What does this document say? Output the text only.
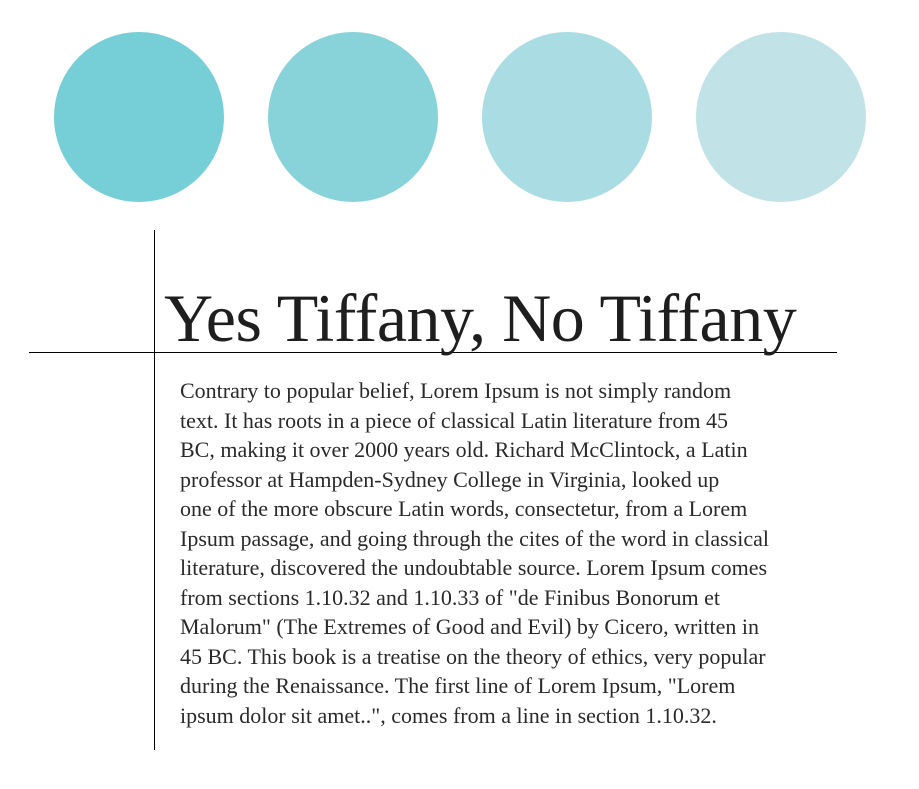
Yes Tiffany, No Tiffany
Contrary to popular belief, Lorem Ipsum is not simply random
text. It has roots in a piece of classical Latin literature from 45
BC, making it over 2000 years old. Richard McClintock, a Latin
professor at Hampden-Sydney College in Virginia, looked up
one of the more obscure Latin words, consectetur, from a Lorem
Ipsum passage, and going through the cites of the word in classical
literature, discovered the undoubtable source. Lorem Ipsum comes
from sections 1.10.32 and 1.10.33 of "de Finibus Bonorum et
Malorum" (The Extremes of Good and Evil) by Cicero, written in
45 BC. This book is a treatise on the theory of ethics, very popular
during the Renaissance. The first line of Lorem Ipsum, "Lorem
ipsum dolor sit amet..", comes from a line in section 1.10.32.
